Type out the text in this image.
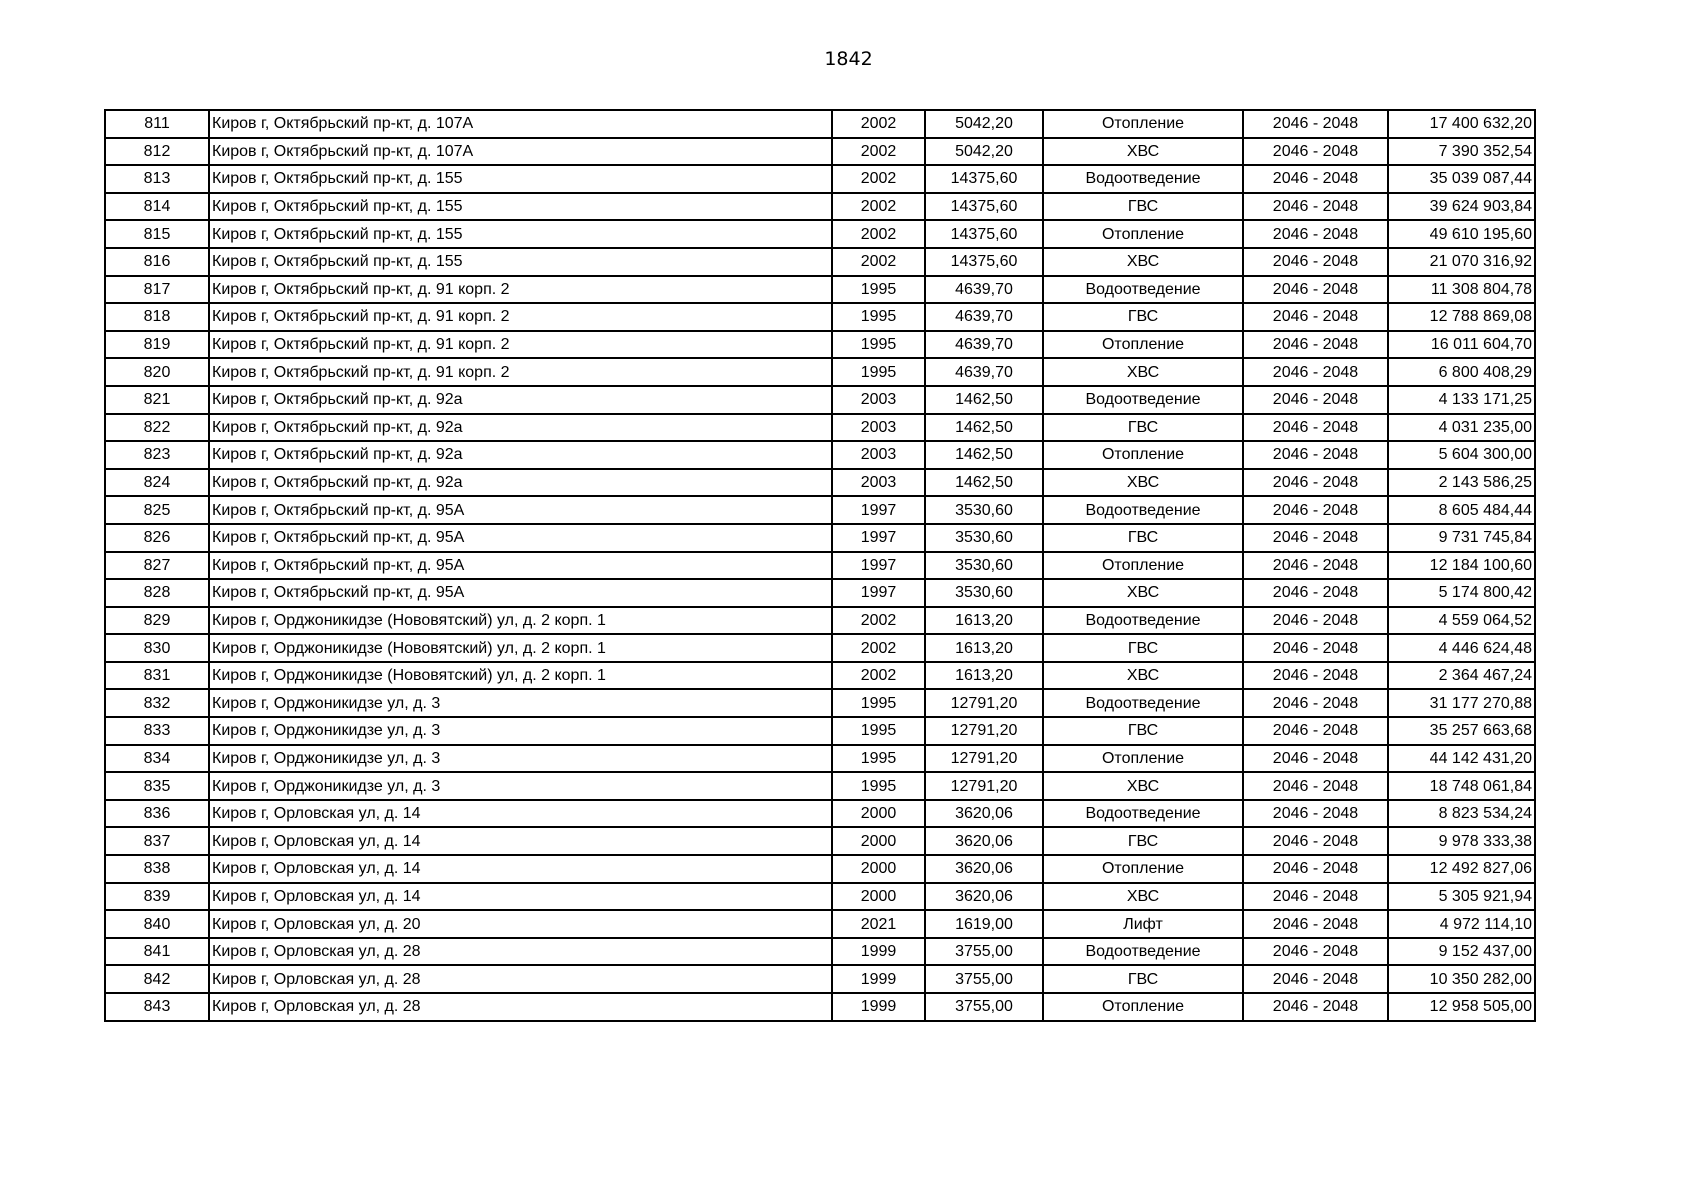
1842
811	Киров г, Октябрьский пр-кт, д. 107А	2002	5042,20	Отопление	2046 - 2048	17 400 632,20
812	Киров г, Октябрьский пр-кт, д. 107А	2002	5042,20	ХВС	2046 - 2048	7 390 352,54
813	Киров г, Октябрьский пр-кт, д. 155	2002	14375,60	Водоотведение	2046 - 2048	35 039 087,44
814	Киров г, Октябрьский пр-кт, д. 155	2002	14375,60	ГВС	2046 - 2048	39 624 903,84
815	Киров г, Октябрьский пр-кт, д. 155	2002	14375,60	Отопление	2046 - 2048	49 610 195,60
816	Киров г, Октябрьский пр-кт, д. 155	2002	14375,60	ХВС	2046 - 2048	21 070 316,92
817	Киров г, Октябрьский пр-кт, д. 91 корп. 2	1995	4639,70	Водоотведение	2046 - 2048	11 308 804,78
818	Киров г, Октябрьский пр-кт, д. 91 корп. 2	1995	4639,70	ГВС	2046 - 2048	12 788 869,08
819	Киров г, Октябрьский пр-кт, д. 91 корп. 2	1995	4639,70	Отопление	2046 - 2048	16 011 604,70
820	Киров г, Октябрьский пр-кт, д. 91 корп. 2	1995	4639,70	ХВС	2046 - 2048	6 800 408,29
821	Киров г, Октябрьский пр-кт, д. 92а	2003	1462,50	Водоотведение	2046 - 2048	4 133 171,25
822	Киров г, Октябрьский пр-кт, д. 92а	2003	1462,50	ГВС	2046 - 2048	4 031 235,00
823	Киров г, Октябрьский пр-кт, д. 92а	2003	1462,50	Отопление	2046 - 2048	5 604 300,00
824	Киров г, Октябрьский пр-кт, д. 92а	2003	1462,50	ХВС	2046 - 2048	2 143 586,25
825	Киров г, Октябрьский пр-кт, д. 95А	1997	3530,60	Водоотведение	2046 - 2048	8 605 484,44
826	Киров г, Октябрьский пр-кт, д. 95А	1997	3530,60	ГВС	2046 - 2048	9 731 745,84
827	Киров г, Октябрьский пр-кт, д. 95А	1997	3530,60	Отопление	2046 - 2048	12 184 100,60
828	Киров г, Октябрьский пр-кт, д. 95А	1997	3530,60	ХВС	2046 - 2048	5 174 800,42
829	Киров г, Орджоникидзе (Нововятский) ул, д. 2 корп. 1	2002	1613,20	Водоотведение	2046 - 2048	4 559 064,52
830	Киров г, Орджоникидзе (Нововятский) ул, д. 2 корп. 1	2002	1613,20	ГВС	2046 - 2048	4 446 624,48
831	Киров г, Орджоникидзе (Нововятский) ул, д. 2 корп. 1	2002	1613,20	ХВС	2046 - 2048	2 364 467,24
832	Киров г, Орджоникидзе ул, д. 3	1995	12791,20	Водоотведение	2046 - 2048	31 177 270,88
833	Киров г, Орджоникидзе ул, д. 3	1995	12791,20	ГВС	2046 - 2048	35 257 663,68
834	Киров г, Орджоникидзе ул, д. 3	1995	12791,20	Отопление	2046 - 2048	44 142 431,20
835	Киров г, Орджоникидзе ул, д. 3	1995	12791,20	ХВС	2046 - 2048	18 748 061,84
836	Киров г, Орловская ул, д. 14	2000	3620,06	Водоотведение	2046 - 2048	8 823 534,24
837	Киров г, Орловская ул, д. 14	2000	3620,06	ГВС	2046 - 2048	9 978 333,38
838	Киров г, Орловская ул, д. 14	2000	3620,06	Отопление	2046 - 2048	12 492 827,06
839	Киров г, Орловская ул, д. 14	2000	3620,06	ХВС	2046 - 2048	5 305 921,94
840	Киров г, Орловская ул, д. 20	2021	1619,00	Лифт	2046 - 2048	4 972 114,10
841	Киров г, Орловская ул, д. 28	1999	3755,00	Водоотведение	2046 - 2048	9 152 437,00
842	Киров г, Орловская ул, д. 28	1999	3755,00	ГВС	2046 - 2048	10 350 282,00
843	Киров г, Орловская ул, д. 28	1999	3755,00	Отопление	2046 - 2048	12 958 505,00
